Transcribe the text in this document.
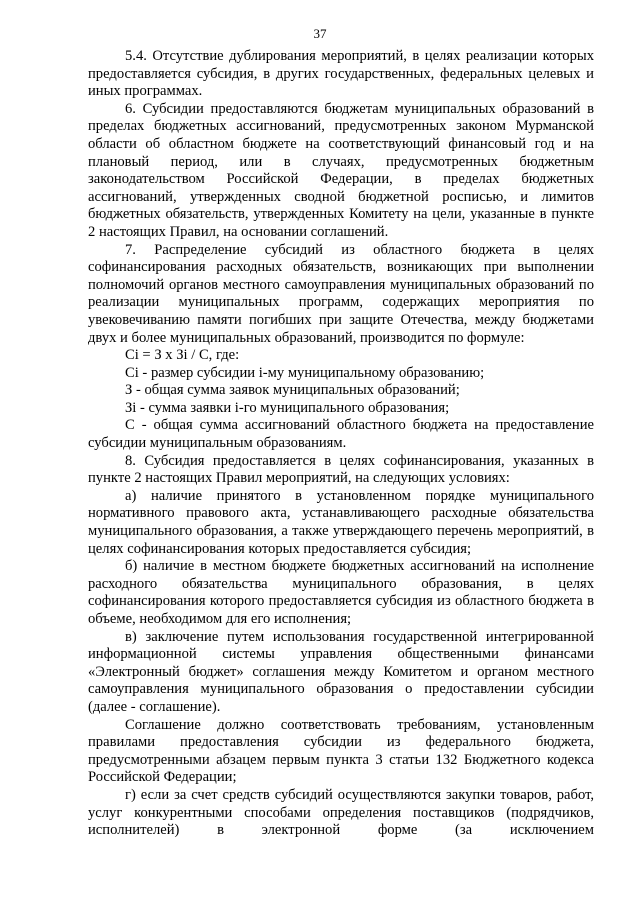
37

5.4. Отсутствие дублирования мероприятий, в целях реализации которых предоставляется субсидия, в других государственных, федеральных целевых и иных программах.

6. Субсидии предоставляются бюджетам муниципальных образований в пределах бюджетных ассигнований, предусмотренных законом Мурманской области об областном бюджете на соответствующий финансовый год и на плановый период, или в случаях, предусмотренных бюджетным законодательством Российской Федерации, в пределах бюджетных ассигнований, утвержденных сводной бюджетной росписью, и лимитов бюджетных обязательств, утвержденных Комитету на цели, указанные в пункте 2 настоящих Правил, на основании соглашений.

7. Распределение субсидий из областного бюджета в целях софинансирования расходных обязательств, возникающих при выполнении полномочий органов местного самоуправления муниципальных образований по реализации муниципальных программ, содержащих мероприятия по увековечиванию памяти погибших при защите Отечества, между бюджетами двух и более муниципальных образований, производится по формуле:

Ci = З x Зi / С, где:

Ci - размер субсидии i-му муниципальному образованию;

З - общая сумма заявок муниципальных образований;

Зi - сумма заявки i-го муниципального образования;

С - общая сумма ассигнований областного бюджета на предоставление субсидии муниципальным образованиям.

8. Субсидия предоставляется в целях софинансирования, указанных в пункте 2 настоящих Правил мероприятий, на следующих условиях:

а) наличие принятого в установленном порядке муниципального нормативного правового акта, устанавливающего расходные обязательства муниципального образования, а также утверждающего перечень мероприятий, в целях софинансирования которых предоставляется субсидия;

б) наличие в местном бюджете бюджетных ассигнований на исполнение расходного обязательства муниципального образования, в целях софинансирования которого предоставляется субсидия из областного бюджета в объеме, необходимом для его исполнения;

в) заключение путем использования государственной интегрированной информационной системы управления общественными финансами «Электронный бюджет» соглашения между Комитетом и органом местного самоуправления муниципального образования о предоставлении субсидии (далее - соглашение).

Соглашение должно соответствовать требованиям, установленным правилами предоставления субсидии из федерального бюджета, предусмотренными абзацем первым пункта 3 статьи 132 Бюджетного кодекса Российской Федерации;

г) если за счет средств субсидий осуществляются закупки товаров, работ, услуг конкурентными способами определения поставщиков (подрядчиков, исполнителей) в электронной форме (за исключением
